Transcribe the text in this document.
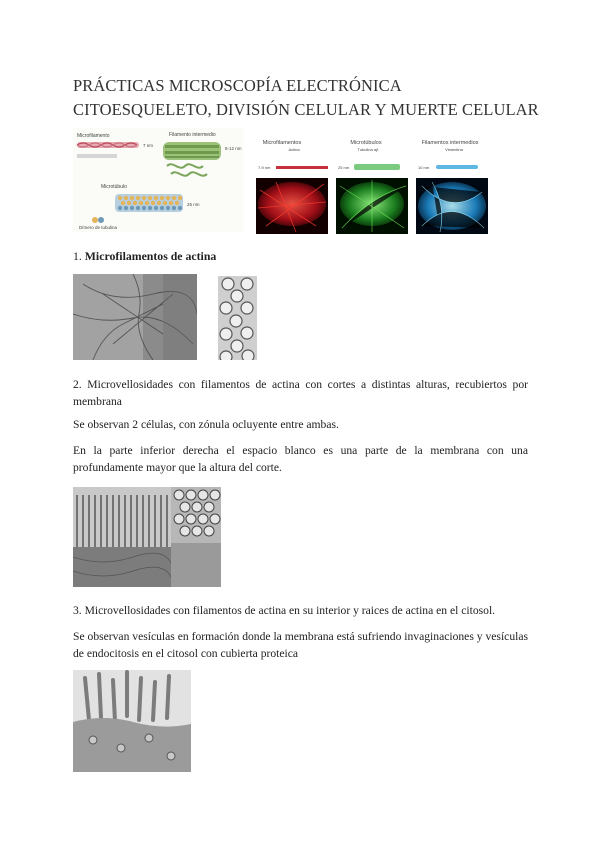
PRÁCTICAS MICROSCOPÍA ELECTRÓNICA
CITOESQUELETO, DIVISIÓN CELULAR Y MUERTE CELULAR
Microfilamento
7 nm
Filamento intermedio
8-12 nm
Microtúbulo
25 nm
Dímero de tubulina
Microfilamentos
Actina
7-9 nm
Microtúbulos
Tubulina αβ
25 nm
Filamentos intermedios
Vimentina
10 nm

1. Microfilamentos de actina

2. Microvellosidades con filamentos de actina con cortes a distintas alturas, recubiertos por membrana

Se observan 2 células, con zónula ocluyente entre ambas.

En la parte inferior derecha el espacio blanco es una parte de la membrana con una profundamente mayor que la altura del corte.

3. Microvellosidades con filamentos de actina en su interior y raices de actina en el citosol.

Se observan vesículas en formación donde la membrana está sufriendo invaginaciones y vesículas de endocitosis en el citosol con cubierta proteica
